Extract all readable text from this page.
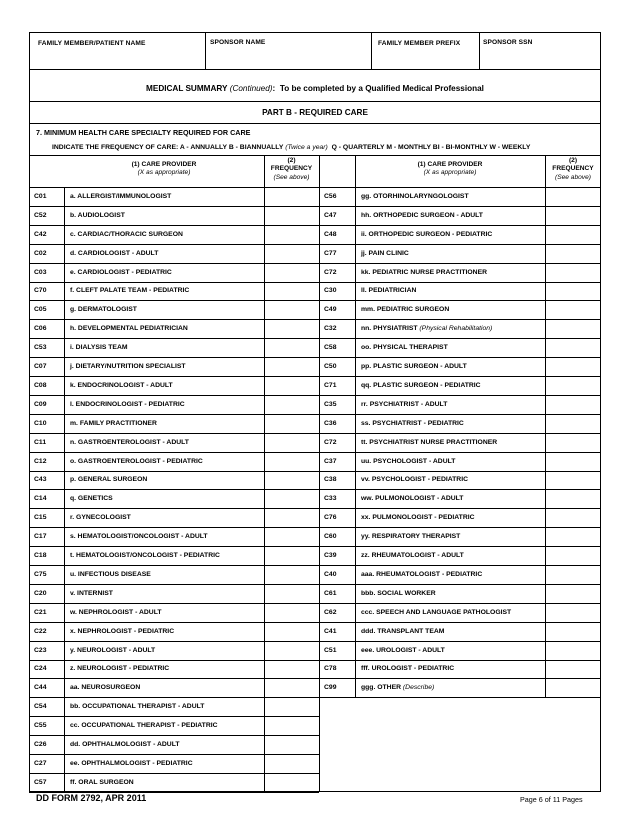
FAMILY MEMBER/PATIENT NAME	SPONSOR NAME	FAMILY MEMBER PREFIX	SPONSOR SSN
MEDICAL SUMMARY (Continued): To be completed by a Qualified Medical Professional
PART B - REQUIRED CARE
7. MINIMUM HEALTH CARE SPECIALTY REQUIRED FOR CARE
INDICATE THE FREQUENCY OF CARE: A - ANNUALLY B - BIANNUALLY (Twice a year) Q - QUARTERLY M - MONTHLY BI - BI-MONTHLY W - WEEKLY
(1) CARE PROVIDER
(X as appropriate)
(2)
FREQUENCY
(See above)
(1) CARE PROVIDER
(X as appropriate)
(2)
FREQUENCY
(See above)
C01	a. ALLERGIST/IMMUNOLOGIST
C52	b. AUDIOLOGIST
C42	c. CARDIAC/THORACIC SURGEON
C02	d. CARDIOLOGIST - ADULT
C03	e. CARDIOLOGIST - PEDIATRIC
C70	f. CLEFT PALATE TEAM - PEDIATRIC
C05	g. DERMATOLOGIST
C06	h. DEVELOPMENTAL PEDIATRICIAN
C53	i. DIALYSIS TEAM
C07	j. DIETARY/NUTRITION SPECIALIST
C08	k. ENDOCRINOLOGIST - ADULT
C09	l. ENDOCRINOLOGIST - PEDIATRIC
C10	m. FAMILY PRACTITIONER
C11	n. GASTROENTEROLOGIST - ADULT
C12	o. GASTROENTEROLOGIST - PEDIATRIC
C43	p. GENERAL SURGEON
C14	q. GENETICS
C15	r. GYNECOLOGIST
C17	s. HEMATOLOGIST/ONCOLOGIST - ADULT
C18	t. HEMATOLOGIST/ONCOLOGIST - PEDIATRIC
C75	u. INFECTIOUS DISEASE
C20	v. INTERNIST
C21	w. NEPHROLOGIST - ADULT
C22	x. NEPHROLOGIST - PEDIATRIC
C23	y. NEUROLOGIST - ADULT
C24	z. NEUROLOGIST - PEDIATRIC
C44	aa. NEUROSURGEON
C54	bb. OCCUPATIONAL THERAPIST - ADULT
C55	cc. OCCUPATIONAL THERAPIST - PEDIATRIC
C26	dd. OPHTHALMOLOGIST - ADULT
C27	ee. OPHTHALMOLOGIST - PEDIATRIC
C57	ff. ORAL SURGEON
C56	gg. OTORHINOLARYNGOLOGIST
C47	hh. ORTHOPEDIC SURGEON - ADULT
C48	ii. ORTHOPEDIC SURGEON - PEDIATRIC
C77	jj. PAIN CLINIC
C72	kk. PEDIATRIC NURSE PRACTITIONER
C30	ll. PEDIATRICIAN
C49	mm. PEDIATRIC SURGEON
C32	nn. PHYSIATRIST
(Physical Rehabilitation)
C58	oo. PHYSICAL THERAPIST
C50	pp. PLASTIC SURGEON - ADULT
C71	qq. PLASTIC SURGEON - PEDIATRIC
C35	rr. PSYCHIATRIST - ADULT
C36	ss. PSYCHIATRIST - PEDIATRIC
C72	tt. PSYCHIATRIST NURSE PRACTITIONER
C37	uu. PSYCHOLOGIST - ADULT
C38	vv. PSYCHOLOGIST - PEDIATRIC
C33	ww. PULMONOLOGIST - ADULT
C76	xx. PULMONOLOGIST - PEDIATRIC
C60	yy. RESPIRATORY THERAPIST
C39	zz. RHEUMATOLOGIST - ADULT
C40	aaa. RHEUMATOLOGIST - PEDIATRIC
C61	bbb. SOCIAL WORKER
C62	ccc. SPEECH AND LANGUAGE PATHOLOGIST
C41	ddd. TRANSPLANT TEAM
C51	eee. UROLOGIST - ADULT
C78	fff. UROLOGIST - PEDIATRIC
C99	ggg. OTHER
(Describe)
DD FORM 2792, APR 2011	Page 6 of 11 Pages
